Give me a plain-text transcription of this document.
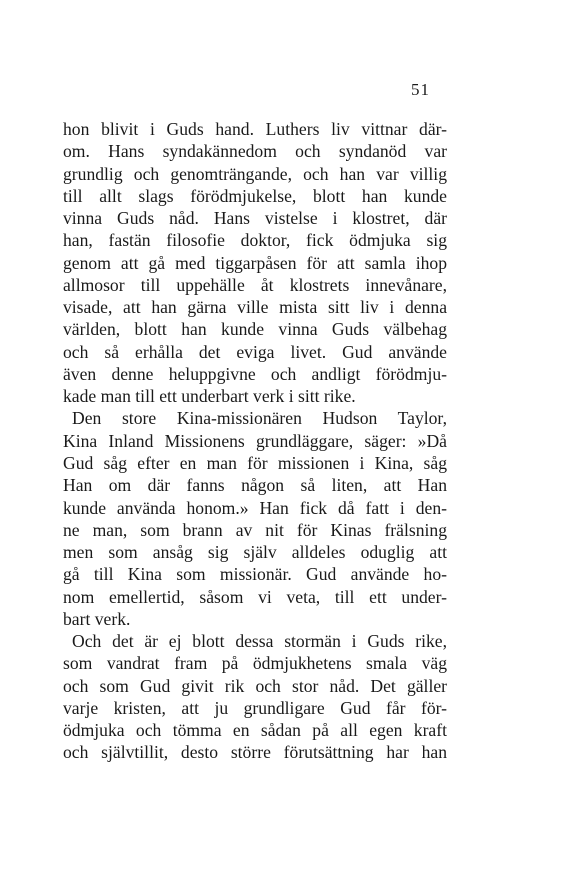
51
hon blivit i Guds hand. Luthers liv vittnar där-
om. Hans syndakännedom och syndanöd var
grundlig och genomträngande, och han var villig
till allt slags förödmjukelse, blott han kunde
vinna Guds nåd. Hans vistelse i klostret, där
han, fastän filosofie doktor, fick ödmjuka sig
genom att gå med tiggarpåsen för att samla ihop
allmosor till uppehälle åt klostrets innevånare,
visade, att han gärna ville mista sitt liv i denna
världen, blott han kunde vinna Guds välbehag
och så erhålla det eviga livet. Gud använde
även denne heluppgivne och andligt förödmju-
kade man till ett underbart verk i sitt rike.
Den store Kina-missionären Hudson Taylor,
Kina Inland Missionens grundläggare, säger: »Då
Gud såg efter en man för missionen i Kina, såg
Han om där fanns någon så liten, att Han
kunde använda honom.» Han fick då fatt i den-
ne man, som brann av nit för Kinas frälsning
men som ansåg sig själv alldeles oduglig att
gå till Kina som missionär. Gud använde ho-
nom emellertid, såsom vi veta, till ett under-
bart verk.
Och det är ej blott dessa stormän i Guds rike,
som vandrat fram på ödmjukhetens smala väg
och som Gud givit rik och stor nåd. Det gäller
varje kristen, att ju grundligare Gud får för-
ödmjuka och tömma en sådan på all egen kraft
och självtillit, desto större förutsättning har han
